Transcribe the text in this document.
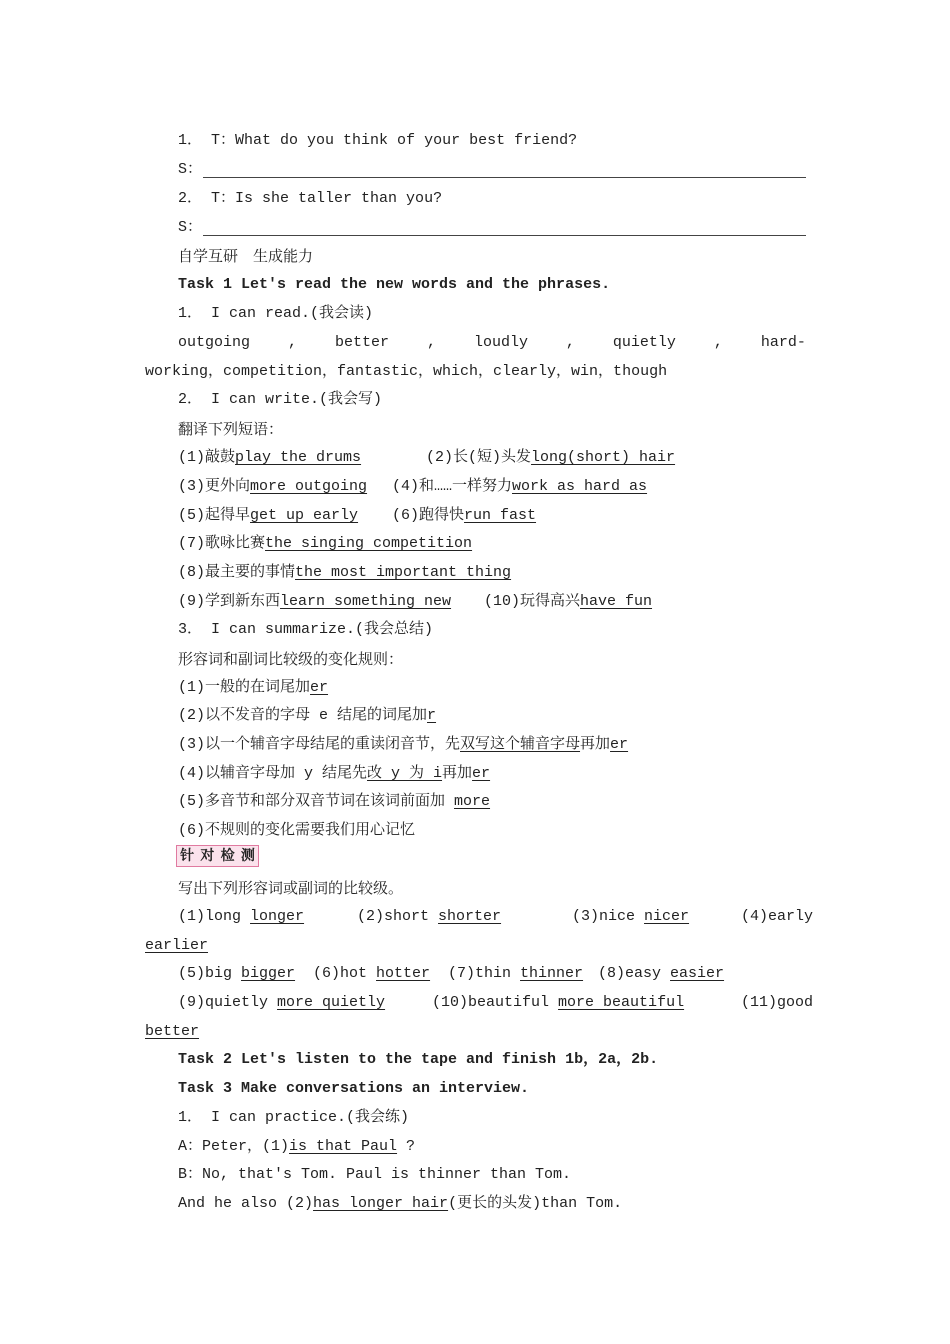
1． T：What do you think of your best friend?
S：
2． T：Is she taller than you?
S：
自学互研　生成能力
Task 1 Let's read the new words and the phrases.
1． I can read.(我会读)
outgoing	,	better	,	loudly	,	quietly	,	hard-
working，competition，fantastic，which，clearly，win，though
2． I can write.(我会写)
翻译下列短语：
(1)敲鼓play the drums	(2)长(短)头发long(short) hair
(3)更外向more outgoing (4)和……一样努力work as hard as
(5)起得早get up early (6)跑得快run fast
(7)歌咏比赛the singing competition
(8)最主要的事情the most important thing
(9)学到新东西learn something new (10)玩得高兴have fun
3． I can summarize.(我会总结)
形容词和副词比较级的变化规则：
(1)一般的在词尾加er
(2)以不发音的字母 e 结尾的词尾加r
(3)以一个辅音字母结尾的重读闭音节，先双写这个辅音字母再加er
(4)以辅音字母加 y 结尾先改 y 为 i再加er
(5)多音节和部分双音节词在该词前面加 more
(6)不规则的变化需要我们用心记忆
针 对 检 测
写出下列形容词或副词的比较级。
(1)long longer	(2)short shorter	(3)nice nicer	(4)early
earlier
(5)big bigger (6)hot hotter (7)thin thinner (8)easy easier
(9)quietly more quietly	(10)beautiful more beautiful	(11)good
better
Task 2 Let's listen to the tape and finish 1b，2a，2b.
Task 3 Make conversations an interview.
1． I can practice.(我会练)
A：Peter，(1)is that Paul ?
B：No, that's Tom. Paul is thinner than Tom.
And he also (2)has longer hair(更长的头发)than Tom.
